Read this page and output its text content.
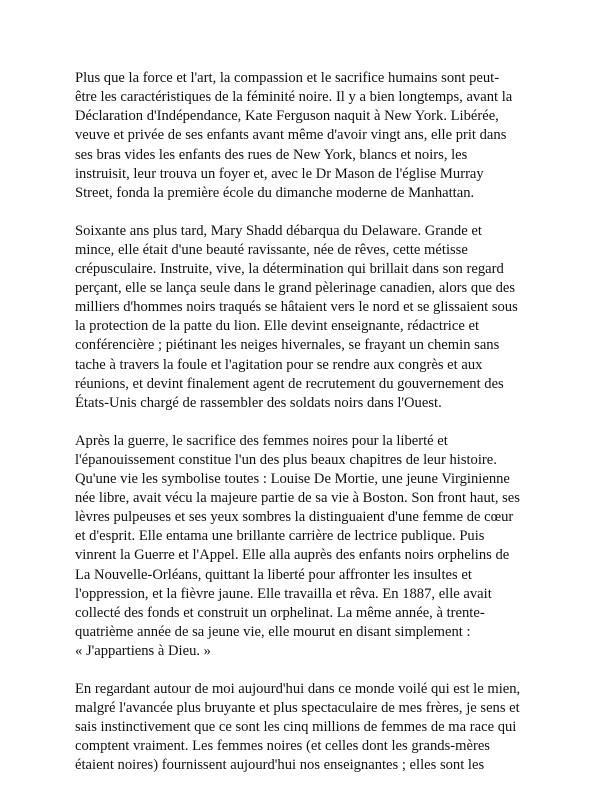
Plus que la force et l'art, la compassion et le sacrifice humains sont peut-
être les caractéristiques de la féminité noire. Il y a bien longtemps, avant la
Déclaration d'Indépendance, Kate Ferguson naquit à New York. Libérée,
veuve et privée de ses enfants avant même d'avoir vingt ans, elle prit dans
ses bras vides les enfants des rues de New York, blancs et noirs, les
instruisit, leur trouva un foyer et, avec le Dr Mason de l'église Murray
Street, fonda la première école du dimanche moderne de Manhattan.
Soixante ans plus tard, Mary Shadd débarqua du Delaware. Grande et
mince, elle était d'une beauté ravissante, née de rêves, cette métisse
crépusculaire. Instruite, vive, la détermination qui brillait dans son regard
perçant, elle se lança seule dans le grand pèlerinage canadien, alors que des
milliers d'hommes noirs traqués se hâtaient vers le nord et se glissaient sous
la protection de la patte du lion. Elle devint enseignante, rédactrice et
conférencière ; piétinant les neiges hivernales, se frayant un chemin sans
tache à travers la foule et l'agitation pour se rendre aux congrès et aux
réunions, et devint finalement agent de recrutement du gouvernement des
États-Unis chargé de rassembler des soldats noirs dans l'Ouest.
Après la guerre, le sacrifice des femmes noires pour la liberté et
l'épanouissement constitue l'un des plus beaux chapitres de leur histoire.
Qu'une vie les symbolise toutes : Louise De Mortie, une jeune Virginienne
née libre, avait vécu la majeure partie de sa vie à Boston. Son front haut, ses
lèvres pulpeuses et ses yeux sombres la distinguaient d'une femme de cœur
et d'esprit. Elle entama une brillante carrière de lectrice publique. Puis
vinrent la Guerre et l'Appel. Elle alla auprès des enfants noirs orphelins de
La Nouvelle-Orléans, quittant la liberté pour affronter les insultes et
l'oppression, et la fièvre jaune. Elle travailla et rêva. En 1887, elle avait
collecté des fonds et construit un orphelinat. La même année, à trente-
quatrième année de sa jeune vie, elle mourut en disant simplement :
« J'appartiens à Dieu. »
En regardant autour de moi aujourd'hui dans ce monde voilé qui est le mien,
malgré l'avancée plus bruyante et plus spectaculaire de mes frères, je sens et
sais instinctivement que ce sont les cinq millions de femmes de ma race qui
comptent vraiment. Les femmes noires (et celles dont les grands-mères
étaient noires) fournissent aujourd'hui nos enseignantes ; elles sont les
